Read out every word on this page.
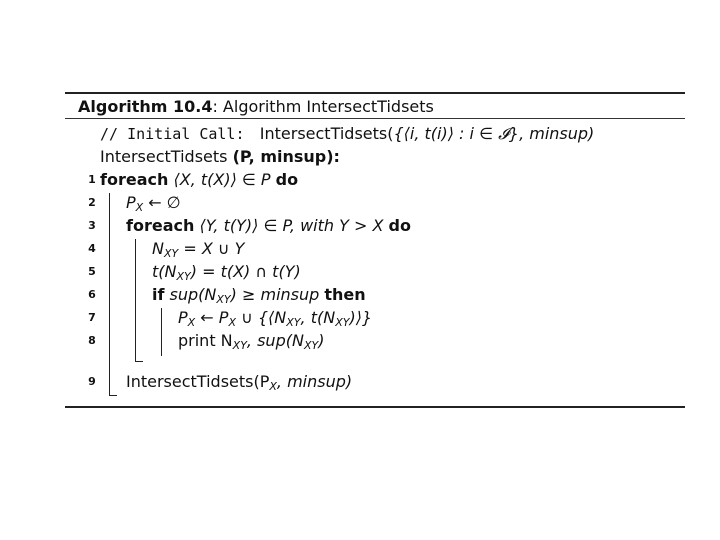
Algorithm 10.4: Algorithm IntersectTidsets
// Initial Call: IntersectTidsets({⟨i, t(i)⟩ : i ∈ 𝓘}, minsup)
IntersectTidsets (P, minsup):
1 foreach ⟨X, t(X)⟩ ∈ P do
2 $P_X$ ← ∅
3 foreach ⟨Y, t(Y)⟩ ∈ P, with Y > X do
4	$N_{XY} = X$ ∪ Y
5	$t(N_{XY}) = t(X)$ ∩ t(Y)
6	if $sup(N_{XY})$ ≥ minsup then
7	$P_X$ ← $P_X$ ∪ {$⟨N_{XY}$, $t(N_{XY})⟩$}
8	print $N_{XY}$, $sup(N_{XY})$
9 $IntersectTidsets(P_X$, minsup)
